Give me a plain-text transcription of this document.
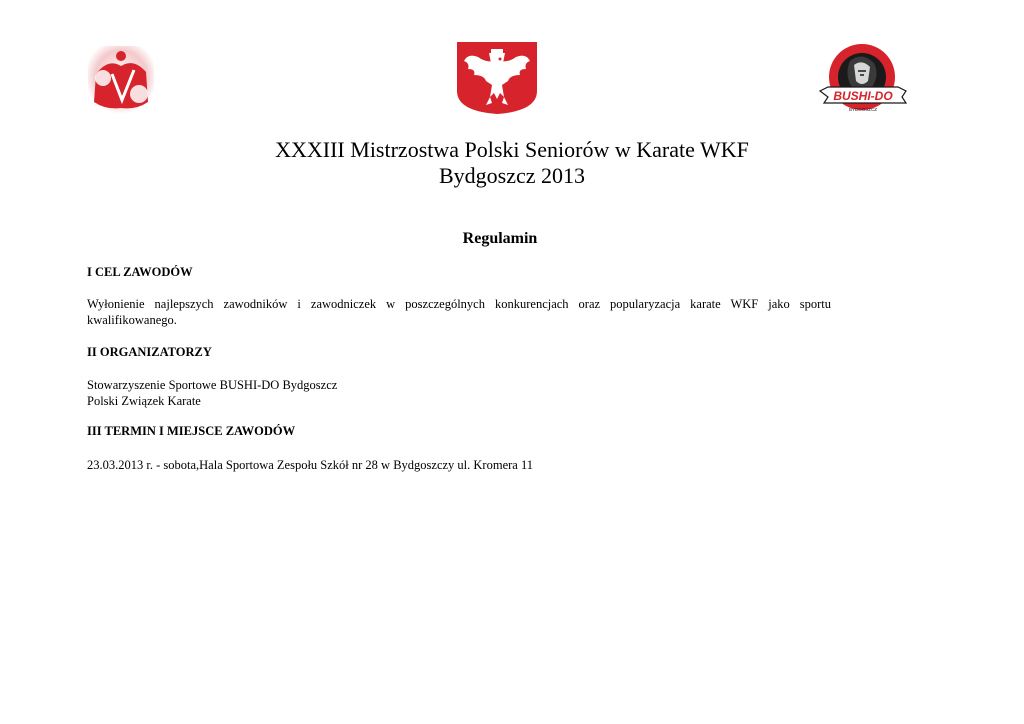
BUSHI-DO
BYDGOSZCZ
XXXIII Mistrzostwa Polski Seniorów w Karate WKF
Bydgoszcz 2013
Regulamin
I CEL ZAWODÓW
Wyłonienie najlepszych zawodników i zawodniczek w poszczególnych konkurencjach oraz popularyzacja karate WKF jako sportu kwalifikowanego.
II ORGANIZATORZY
Stowarzyszenie Sportowe BUSHI-DO Bydgoszcz
Polski Związek Karate
III TERMIN I MIEJSCE ZAWODÓW
23.03.2013 r. - sobota,Hala Sportowa Zespołu Szkół nr 28 w Bydgoszczy ul. Kromera 11
